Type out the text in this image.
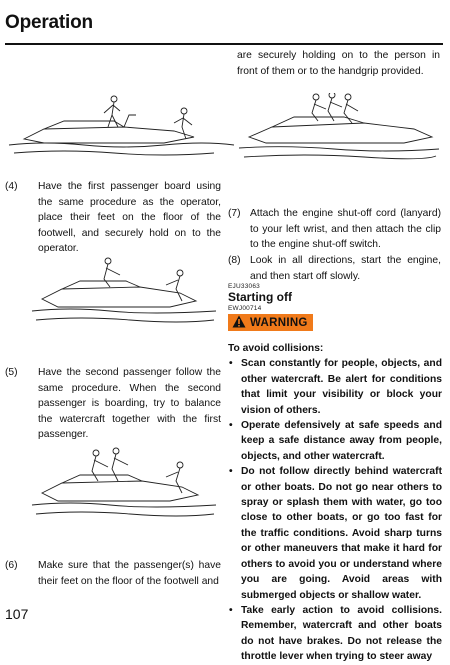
Operation
are securely holding on to the person in front of them or to the handgrip provided.
(4)	Have the first passenger board using the same procedure as the operator, place their feet on the floor of the footwell, and securely hold on to the operator.
(5)	Have the second passenger follow the same procedure. When the second passenger is boarding, try to balance the watercraft together with the first passenger.
(6)	Make sure that the passenger(s) have their feet on the floor of the footwell and
(7) Attach the engine shut-off cord (lanyard) to your left wrist, and then attach the clip to the engine shut-off switch.
(8) Look in all directions, start the engine, and then start off slowly.
EJU33063
Starting off
EWJ00714
WARNING
To avoid collisions:
• Scan constantly for people, objects, and other watercraft. Be alert for conditions that limit your visibility or block your vision of others.
• Operate defensively at safe speeds and keep a safe distance away from people, objects, and other watercraft.
• Do not follow directly behind watercraft or other boats. Do not go near others to spray or splash them with water, go too close to other boats, or go too fast for the traffic conditions. Avoid sharp turns or other maneuvers that make it hard for others to avoid you or understand where you are going. Avoid areas with submerged objects or shallow water.
• Take early action to avoid collisions. Remember, watercraft and other boats do not have brakes. Do not release the throttle lever when trying to steer away
107
